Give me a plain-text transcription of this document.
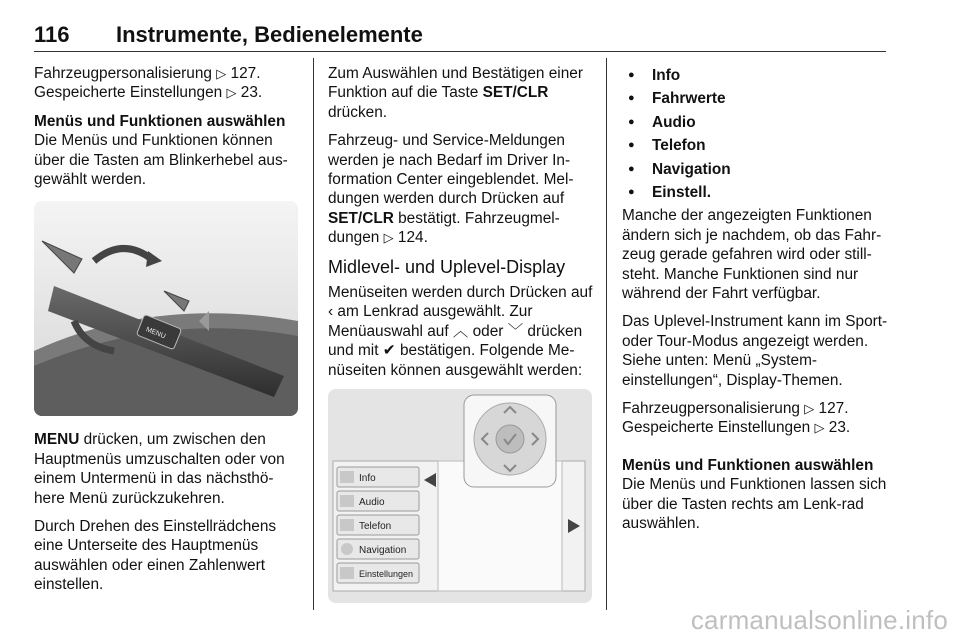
116 Instrumente, Bedienelemente

Fahrzeugpersonalisierung ▷ 127.

Gespeicherte Einstellungen ▷ 23.

Menüs und Funktionen auswählen

Die Menüs und Funktionen können über die Tasten am Blinkerhebel aus-gewählt werden.

MENU

MENU drücken, um zwischen den Hauptmenüs umzuschalten oder von einem Untermenü in das nächsthö-here Menü zurückzukehren.

Durch Drehen des Einstellrädchens eine Unterseite des Hauptmenüs auswählen oder einen Zahlenwert einstellen.

Zum Auswählen und Bestätigen einer Funktion auf die Taste SET/CLR drücken.

Fahrzeug- und Service-Meldungen werden je nach Bedarf im Driver In-formation Center eingeblendet. Mel-dungen werden durch Drücken auf SET/CLR bestätigt. Fahrzeugmel-dungen ▷ 124.

Midlevel- und Uplevel-Display

Menüseiten werden durch Drücken auf ‹ am Lenkrad ausgewählt. Zur Menüauswahl auf ︿ oder ﹀ drücken und mit ✔ bestätigen. Folgende Me-nüseiten können ausgewählt werden:

Info
Audio
Telefon
Navigation
Einstellungen
● Info
● Fahrwerte
● Audio
● Telefon
● Navigation
● Einstell.

Manche der angezeigten Funktionen ändern sich je nachdem, ob das Fahr-zeug gerade gefahren wird oder still-steht. Manche Funktionen sind nur während der Fahrt verfügbar.

Das Uplevel-Instrument kann im Sport- oder Tour-Modus angezeigt werden. Siehe unten: Menü „System-einstellungen“, Display-Themen.

Fahrzeugpersonalisierung ▷ 127.

Gespeicherte Einstellungen ▷ 23.

Menüs und Funktionen auswählen

Die Menüs und Funktionen lassen sich über die Tasten rechts am Lenk-rad auswählen.

carmanualsonline.info
